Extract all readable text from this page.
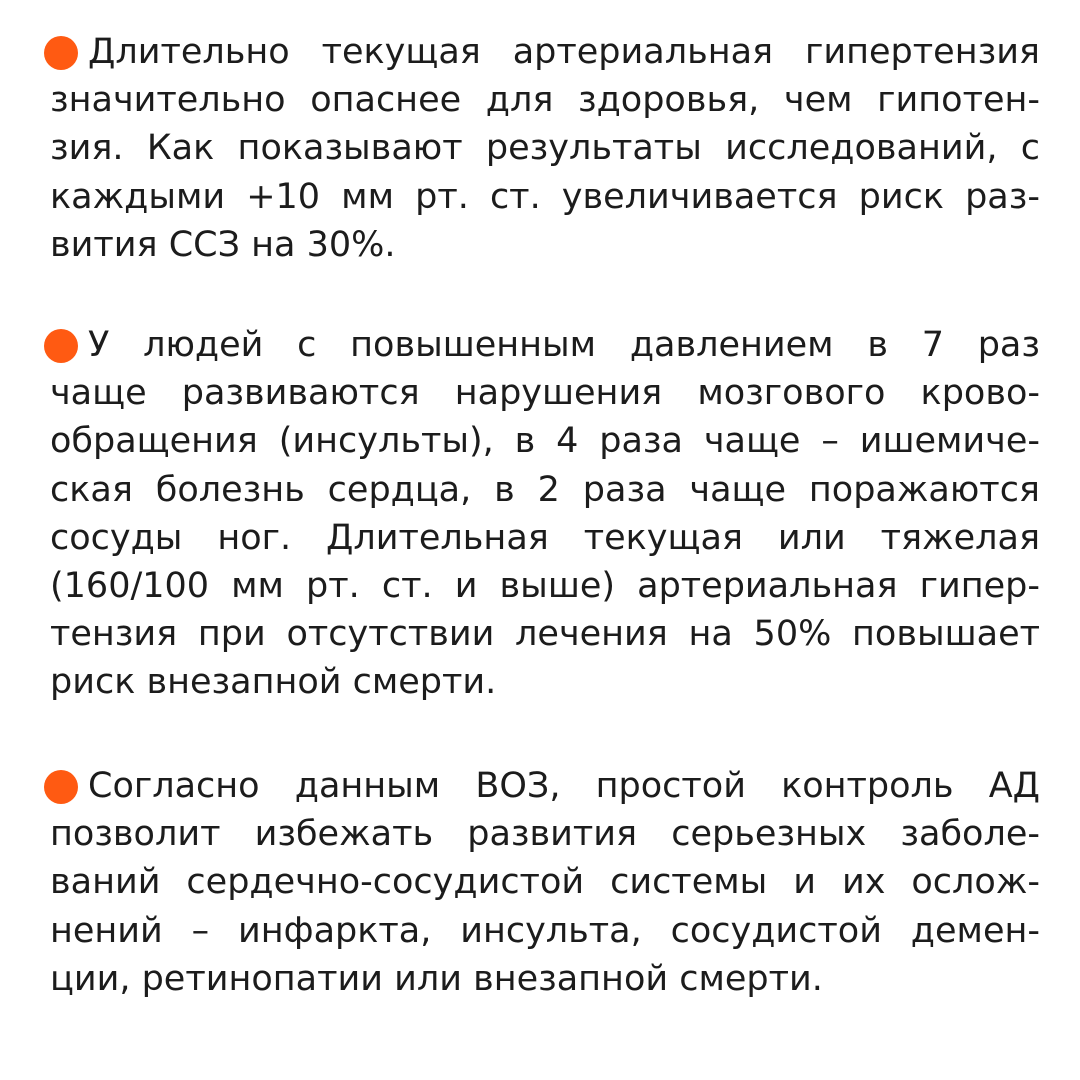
Длительно текущая артериальная гипертензия
значительно опаснее для здоровья, чем гипотен-
зия. Как показывают результаты исследований, с
каждыми +10 мм рт. ст. увеличивается риск раз-
вития ССЗ на 30%.
У людей с повышенным давлением в 7 раз
чаще развиваются нарушения мозгового крово-
обращения (инсульты), в 4 раза чаще – ишемиче-
ская болезнь сердца, в 2 раза чаще поражаются
сосуды ног. Длительная текущая или тяжелая
(160/100 мм рт. ст. и выше) артериальная гипер-
тензия при отсутствии лечения на 50% повышает
риск внезапной смерти.
Согласно данным ВОЗ, простой контроль АД
позволит избежать развития серьезных заболе-
ваний сердечно-сосудистой системы и их ослож-
нений – инфаркта, инсульта, сосудистой демен-
ции, ретинопатии или внезапной смерти.
